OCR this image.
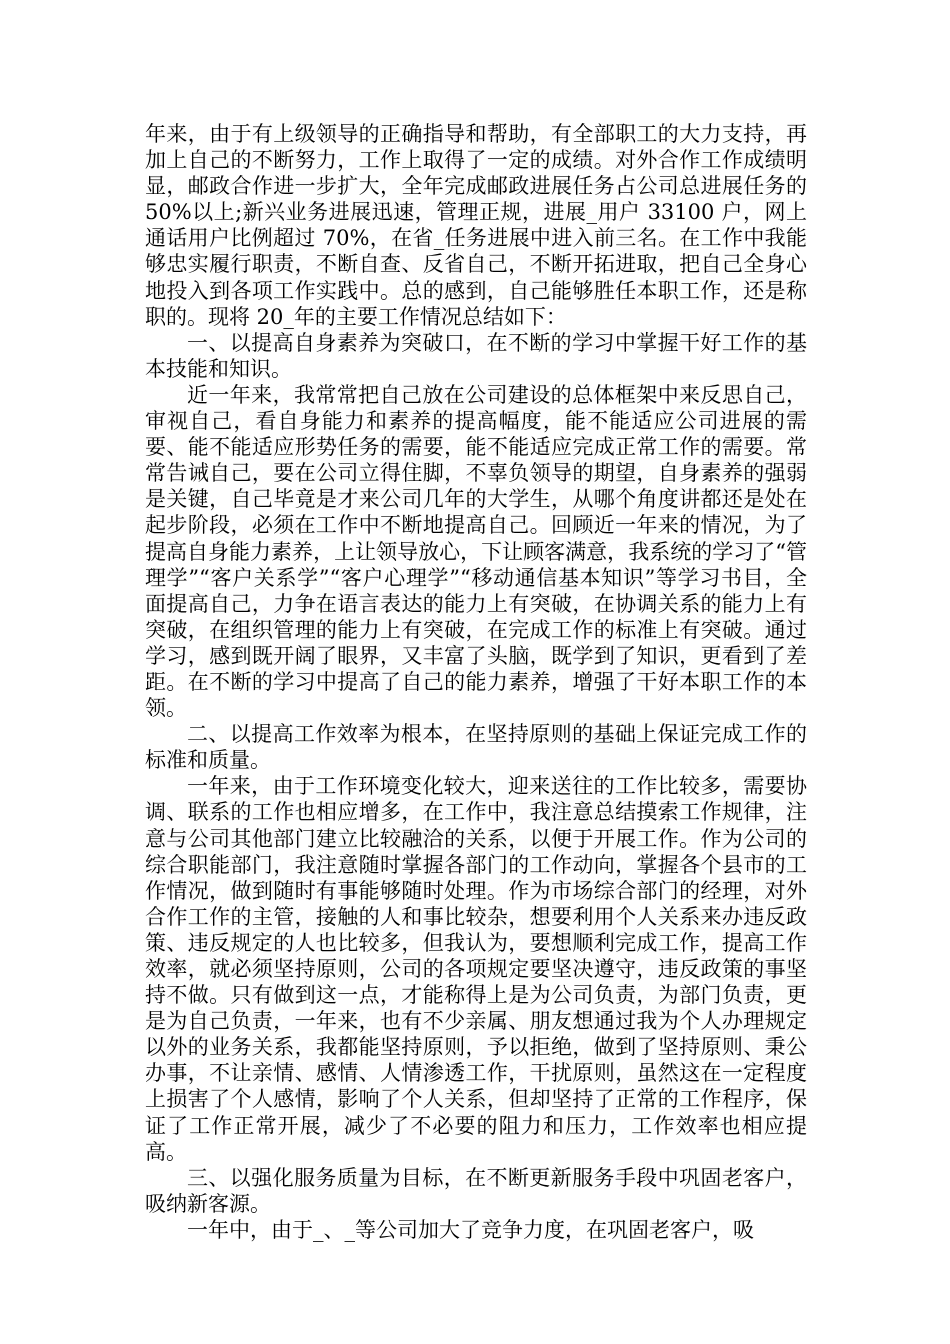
年来，由于有上级领导的正确指导和帮助，有全部职工的大力支持，再加上自己的不断努力，工作上取得了一定的成绩。对外合作工作成绩明显，邮政合作进一步扩大，全年完成邮政进展任务占公司总进展任务的 50%以上;新兴业务进展迅速，管理正规，进展_用户 33100 户，网上通话用户比例超过 70%，在省_任务进展中进入前三名。在工作中我能够忠实履行职责，不断自查、反省自己，不断开拓进取，把自己全身心地投入到各项工作实践中。总的感到，自己能够胜任本职工作，还是称职的。现将 20_年的主要工作情况总结如下：

一、以提高自身素养为突破口，在不断的学习中掌握干好工作的基本技能和知识。

近一年来，我常常把自己放在公司建设的总体框架中来反思自己，审视自己，看自身能力和素养的提高幅度，能不能适应公司进展的需要、能不能适应形势任务的需要，能不能适应完成正常工作的需要。常常告诫自己，要在公司立得住脚，不辜负领导的期望，自身素养的强弱是关键，自己毕竟是才来公司几年的大学生，从哪个角度讲都还是处在起步阶段，必须在工作中不断地提高自己。回顾近一年来的情况，为了提高自身能力素养，上让领导放心，下让顾客满意，我系统的学习了“管理学”“客户关系学”“客户心理学”“移动通信基本知识”等学习书目，全面提高自己，力争在语言表达的能力上有突破，在协调关系的能力上有突破，在组织管理的能力上有突破，在完成工作的标准上有突破。通过学习，感到既开阔了眼界，又丰富了头脑，既学到了知识，更看到了差距。在不断的学习中提高了自己的能力素养，增强了干好本职工作的本领。

二、以提高工作效率为根本，在坚持原则的基础上保证完成工作的标准和质量。

一年来，由于工作环境变化较大，迎来送往的工作比较多，需要协调、联系的工作也相应增多，在工作中，我注意总结摸索工作规律，注意与公司其他部门建立比较融洽的关系，以便于开展工作。作为公司的综合职能部门，我注意随时掌握各部门的工作动向，掌握各个县市的工作情况，做到随时有事能够随时处理。作为市场综合部门的经理，对外合作工作的主管，接触的人和事比较杂，想要利用个人关系来办违反政策、违反规定的人也比较多，但我认为，要想顺利完成工作，提高工作效率，就必须坚持原则，公司的各项规定要坚决遵守，违反政策的事坚持不做。只有做到这一点，才能称得上是为公司负责，为部门负责，更是为自己负责，一年来，也有不少亲属、朋友想通过我为个人办理规定以外的业务关系，我都能坚持原则，予以拒绝，做到了坚持原则、秉公办事，不让亲情、感情、人情渗透工作，干扰原则，虽然这在一定程度上损害了个人感情，影响了个人关系，但却坚持了正常的工作程序，保证了工作正常开展，减少了不必要的阻力和压力，工作效率也相应提高。

三、以强化服务质量为目标，在不断更新服务手段中巩固老客户，吸纳新客源。

一年中，由于_、_等公司加大了竞争力度，在巩固老客户，吸
